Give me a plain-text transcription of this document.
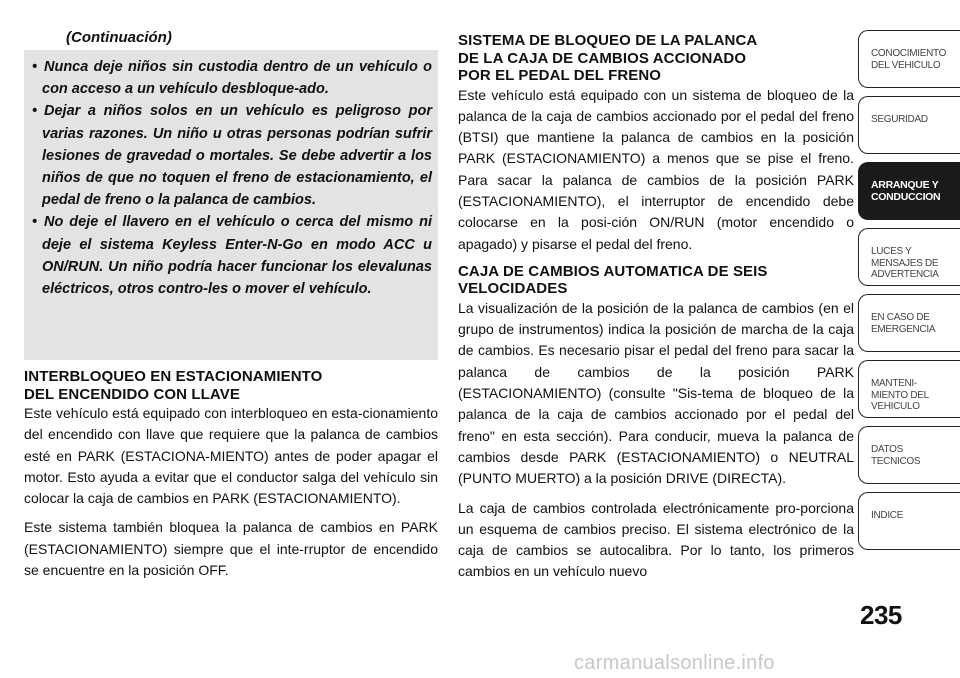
(Continuación)

• Nunca deje niños sin custodia dentro de un vehículo o con acceso a un vehículo desbloque-ado.

• Dejar a niños solos en un vehículo es peligroso por varias razones. Un niño u otras personas podrían sufrir lesiones de gravedad o mortales. Se debe advertir a los niños de que no toquen el freno de estacionamiento, el pedal de freno o la palanca de cambios.

• No deje el llavero en el vehículo o cerca del mismo ni deje el sistema Keyless Enter-N-Go en modo ACC u ON/RUN. Un niño podría hacer funcionar los elevalunas eléctricos, otros contro-les o mover el vehículo.

INTERBLOQUEO EN ESTACIONAMIENTO
DEL ENCENDIDO CON LLAVE

Este vehículo está equipado con interbloqueo en esta-cionamiento del encendido con llave que requiere que la palanca de cambios esté en PARK (ESTACIONA-MIENTO) antes de poder apagar el motor. Esto ayuda a evitar que el conductor salga del vehículo sin colocar la caja de cambios en PARK (ESTACIONAMIENTO).

Este sistema también bloquea la palanca de cambios en PARK (ESTACIONAMIENTO) siempre que el inte-rruptor de encendido se encuentre en la posición OFF.

SISTEMA DE BLOQUEO DE LA PALANCA
DE LA CAJA DE CAMBIOS ACCIONADO
POR EL PEDAL DEL FRENO

Este vehículo está equipado con un sistema de bloqueo de la palanca de la caja de cambios accionado por el pedal del freno (BTSI) que mantiene la palanca de cambios en la posición PARK (ESTACIONAMIENTO) a menos que se pise el freno. Para sacar la palanca de cambios de la posición PARK (ESTACIONAMIENTO), el interruptor de encendido debe colocarse en la posi-ción ON/RUN (motor encendido o apagado) y pisarse el pedal del freno.

CAJA DE CAMBIOS AUTOMATICA DE SEIS
VELOCIDADES

La visualización de la posición de la palanca de cambios (en el grupo de instrumentos) indica la posición de marcha de la caja de cambios. Es necesario pisar el pedal del freno para sacar la palanca de cambios de la posición PARK (ESTACIONAMIENTO) (consulte "Sis-tema de bloqueo de la palanca de la caja de cambios accionado por el pedal del freno" en esta sección). Para conducir, mueva la palanca de cambios desde PARK (ESTACIONAMIENTO) o NEUTRAL (PUNTO MUERTO) a la posición DRIVE (DIRECTA).

La caja de cambios controlada electrónicamente pro-porciona un esquema de cambios preciso. El sistema electrónico de la caja de cambios se autocalibra. Por lo tanto, los primeros cambios en un vehículo nuevo

CONOCIMIENTO
DEL VEHICULO
SEGURIDAD
ARRANQUE Y
CONDUCCION
LUCES Y
MENSAJES DE
ADVERTENCIA
EN CASO DE
EMERGENCIA
MANTENI-
MIENTO DEL
VEHICULO
DATOS
TECNICOS
INDICE
235
carmanualsonline.info
